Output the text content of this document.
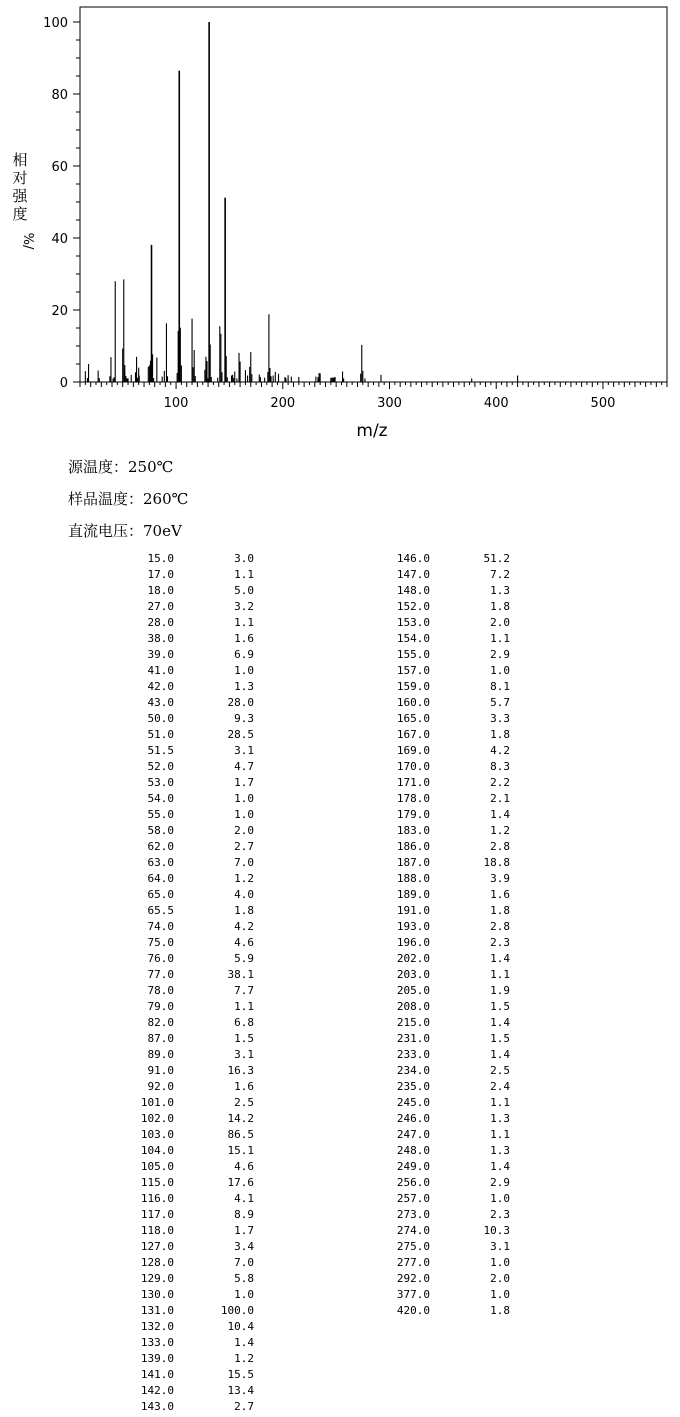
100	200	300	400	500
0
20
40
60
80
100
相
对
强
度
%/
m/z
源温度：250℃
样品温度：260℃
直流电压：70eV
15.0	3.0
17.0	1.1
18.0	5.0
27.0	3.2
28.0	1.1
38.0	1.6
39.0	6.9
41.0	1.0
42.0	1.3
43.0	28.0
50.0	9.3
51.0	28.5
51.5	3.1
52.0	4.7
53.0	1.7
54.0	1.0
55.0	1.0
58.0	2.0
62.0	2.7
63.0	7.0
64.0	1.2
65.0	4.0
65.5	1.8
74.0	4.2
75.0	4.6
76.0	5.9
77.0	38.1
78.0	7.7
79.0	1.1
82.0	6.8
87.0	1.5
89.0	3.1
91.0	16.3
92.0	1.6
101.0	2.5
102.0	14.2
103.0	86.5
104.0	15.1
105.0	4.6
115.0	17.6
116.0	4.1
117.0	8.9
118.0	1.7
127.0	3.4
128.0	7.0
129.0	5.8
130.0	1.0
131.0	100.0
132.0	10.4
133.0	1.4
139.0	1.2
141.0	15.5
142.0	13.4
143.0	2.7
146.0	51.2
147.0	7.2
148.0	1.3
152.0	1.8
153.0	2.0
154.0	1.1
155.0	2.9
157.0	1.0
159.0	8.1
160.0	5.7
165.0	3.3
167.0	1.8
169.0	4.2
170.0	8.3
171.0	2.2
178.0	2.1
179.0	1.4
183.0	1.2
186.0	2.8
187.0	18.8
188.0	3.9
189.0	1.6
191.0	1.8
193.0	2.8
196.0	2.3
202.0	1.4
203.0	1.1
205.0	1.9
208.0	1.5
215.0	1.4
231.0	1.5
233.0	1.4
234.0	2.5
235.0	2.4
245.0	1.1
246.0	1.3
247.0	1.1
248.0	1.3
249.0	1.4
256.0	2.9
257.0	1.0
273.0	2.3
274.0	10.3
275.0	3.1
277.0	1.0
292.0	2.0
377.0	1.0
420.0	1.8
